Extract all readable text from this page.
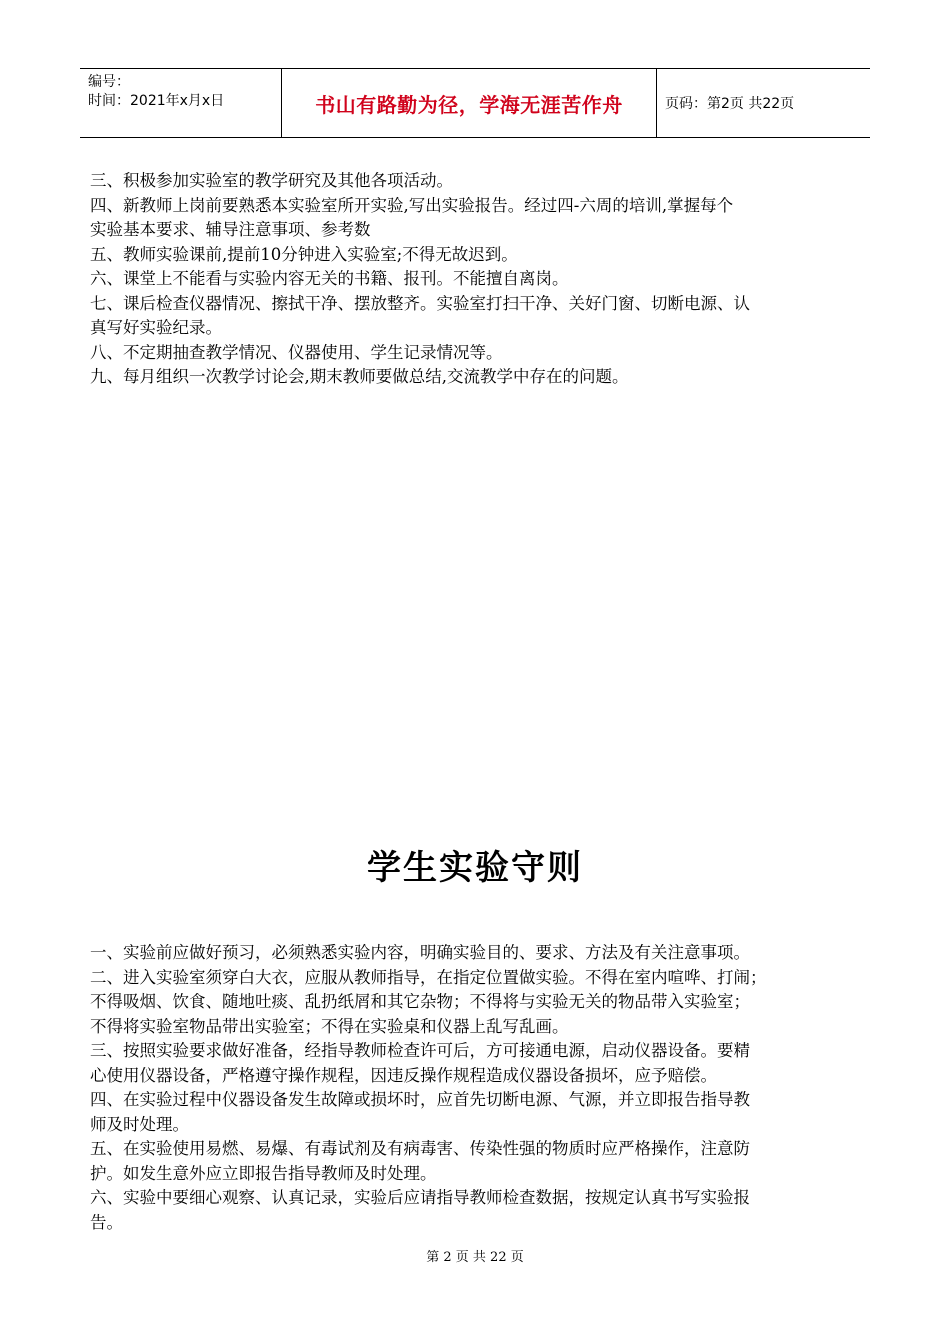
编号：
时间：2021年x月x日	书山有路勤为径，学海无涯苦作舟	页码：第2页 共22页
三、积极参加实验室的教学研究及其他各项活动。
四、新教师上岗前要熟悉本实验室所开实验,写出实验报告。经过四-六周的培训,掌握每个
实验基本要求、辅导注意事项、参考数
五、教师实验课前,提前10分钟进入实验室;不得无故迟到。
六、课堂上不能看与实验内容无关的书籍、报刊。不能擅自离岗。
七、课后检查仪器情况、擦拭干净、摆放整齐。实验室打扫干净、关好门窗、切断电源、认
真写好实验纪录。
八、不定期抽查教学情况、仪器使用、学生记录情况等。
九、每月组织一次教学讨论会,期末教师要做总结,交流教学中存在的问题。
学生实验守则
一、实验前应做好预习，必须熟悉实验内容，明确实验目的、要求、方法及有关注意事项。
二、进入实验室须穿白大衣，应服从教师指导，在指定位置做实验。不得在室内喧哗、打闹；
不得吸烟、饮食、随地吐痰、乱扔纸屑和其它杂物；不得将与实验无关的物品带入实验室；
不得将实验室物品带出实验室；不得在实验桌和仪器上乱写乱画。
三、按照实验要求做好准备，经指导教师检查许可后，方可接通电源，启动仪器设备。要精
心使用仪器设备，严格遵守操作规程，因违反操作规程造成仪器设备损坏，应予赔偿。
四、在实验过程中仪器设备发生故障或损坏时，应首先切断电源、气源，并立即报告指导教
师及时处理。
五、在实验使用易燃、易爆、有毒试剂及有病毒害、传染性强的物质时应严格操作，注意防
护。如发生意外应立即报告指导教师及时处理。
六、实验中要细心观察、认真记录，实验后应请指导教师检查数据，按规定认真书写实验报
告。
第 2 页 共 22 页
